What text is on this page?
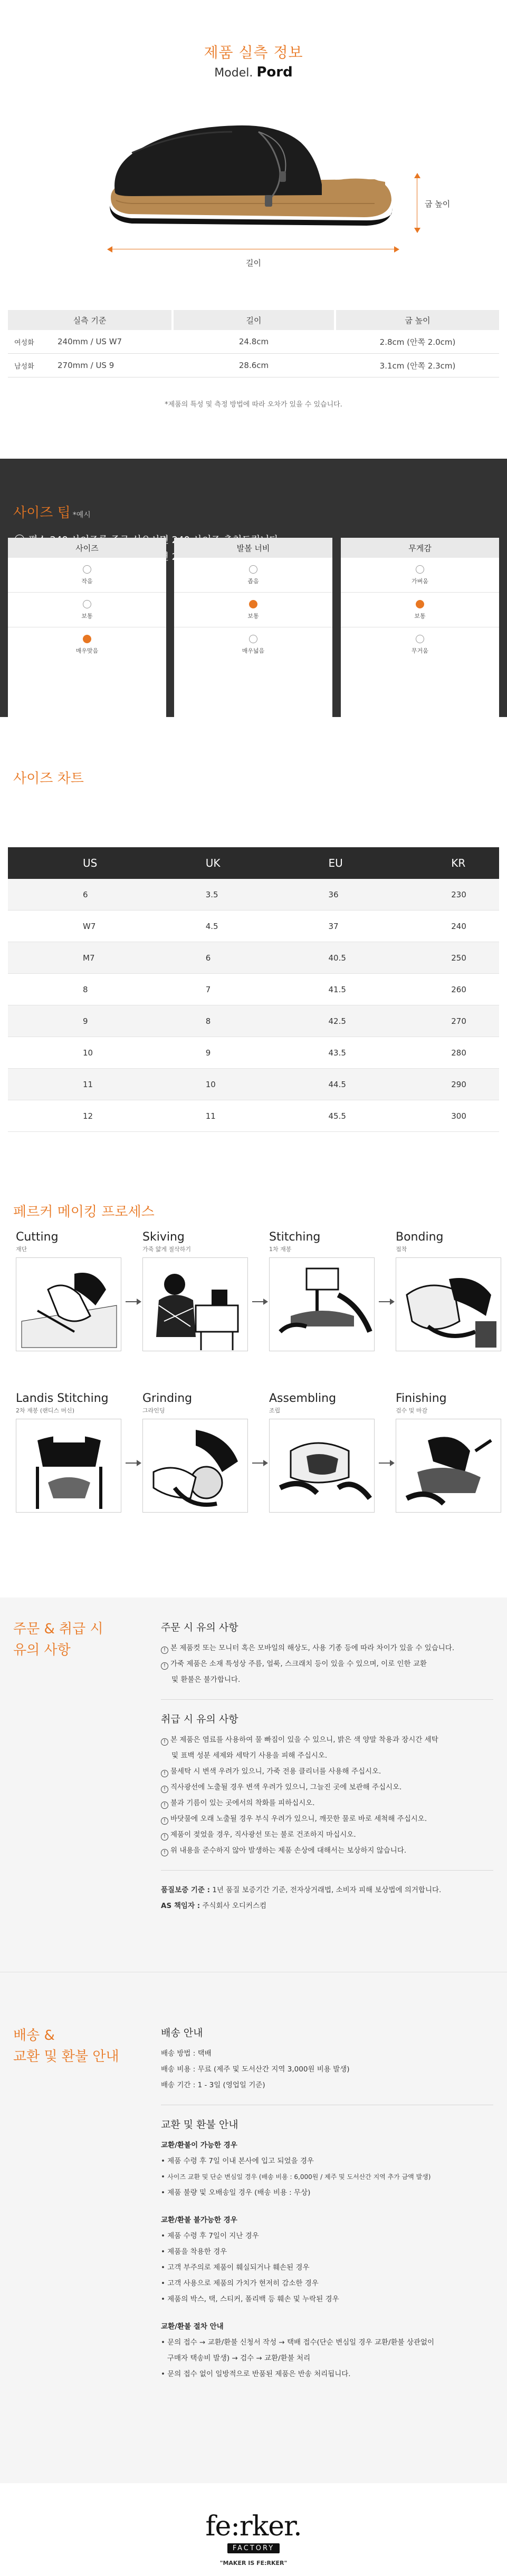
제품 실측 정보
Model. Pord
길이
굽 높이
실측 기준	길이	굽 높이
여성화	240mm / US W7	24.8cm	2.8cm (안쪽 2.0cm)
남성화	270mm / US 9	28.6cm	3.1cm (안쪽 2.3cm)
*제품의 특성 및 측정 방법에 따라 오차가 있을 수 있습니다.
사이즈 팁 *예시
사이즈
작음
보통
매우맞음
발볼 너비
좁음
보통
매우넓음
무게감
가벼움
보통
무거움
사이즈 차트
US	UK	EU	KR
6	3.5	36	230
W7	4.5	37	240
M7	6	40.5	250
8	7	41.5	260
9	8	42.5	270
10	9	43.5	280
11	10	44.5	290
12	11	45.5	300
페르커 메이킹 프로세스
Cutting
재단
Skiving
가죽 얇게 절삭하기
Stitching
1차 재봉
Bonding
접착
Landis Stitching
2차 재봉 (랜디스 머신)
Grinding
그라인딩
Assembling
조립
Finishing
검수 및 마감
주문 & 취급 시
유의 사항
주문 시 유의 사항
! 본 제품컷 또는 모니터 혹은 모바일의 해상도, 사용 기종 등에 따라 차이가 있을 수 있습니다.
! 가죽 제품은 소재 특성상 주름, 얼룩, 스크래치 등이 있을 수 있으며, 이로 인한 교환
및 환불은 불가합니다.
취급 시 유의 사항
! 본 제품은 염료를 사용하여 물 빠짐이 있을 수 있으니, 밝은 색 양말 착용과 장시간 세탁
및 표백 성분 세제와 세탁기 사용을 피해 주십시오.
! 물세탁 시 변색 우려가 있으니, 가죽 전용 클리너를 사용해 주십시오.
! 직사광선에 노출될 경우 변색 우려가 있으니, 그늘진 곳에 보관해 주십시오.
! 불과 기름이 있는 곳에서의 착화를 피하십시오.
! 바닷물에 오래 노출될 경우 부식 우려가 있으니, 깨끗한 물로 바로 세척해 주십시오.
! 제품이 젖었을 경우, 직사광선 또는 불로 건조하지 마십시오.
! 위 내용을 준수하지 않아 발생하는 제품 손상에 대해서는 보상하지 않습니다.
품질보증 기준 : 1년 품질 보증기간 기준, 전자상거래법, 소비자 피해 보상법에 의거합니다.
AS 책임자 : 주식회사 오디커스컴
배송 &
교환 및 환불 안내
배송 안내
배송 방법 : 택배
배송 비용 : 무료 (제주 및 도서산간 지역 3,000원 비용 발생)
배송 기간 : 1 - 3일 (영업일 기준)
교환 및 환불 안내
교환/환불이 가능한 경우
• 제품 수령 후 7일 이내 본사에 입고 되었을 경우
• 사이즈 교환 및 단순 변심일 경우 (배송 비용 : 6,000원 / 제주 및 도서산간 지역 추가 금액 발생)
• 제품 불량 및 오배송일 경우 (배송 비용 : 무상)
교환/환불 불가능한 경우
• 제품 수령 후 7일이 지난 경우
• 제품을 착용한 경우
• 고객 부주의로 제품이 훼실되거나 훼손된 경우
• 고객 사용으로 제품의 가치가 현저히 감소한 경우
• 제품의 박스, 택, 스티커, 폴리백 등 훼손 및 누락된 경우
교환/환불 절차 안내
• 문의 접수 → 교환/환불 신청서 작성 → 택배 접수(단순 변심일 경우 교환/환불 상관없이
구매자 택송비 발생) → 검수 → 교환/환불 처리
• 문의 접수 없이 일방적으로 반품된 제품은 반송 처리됩니다.
fe:rker.
FACTORY
"MAKER IS FE:RKER"
